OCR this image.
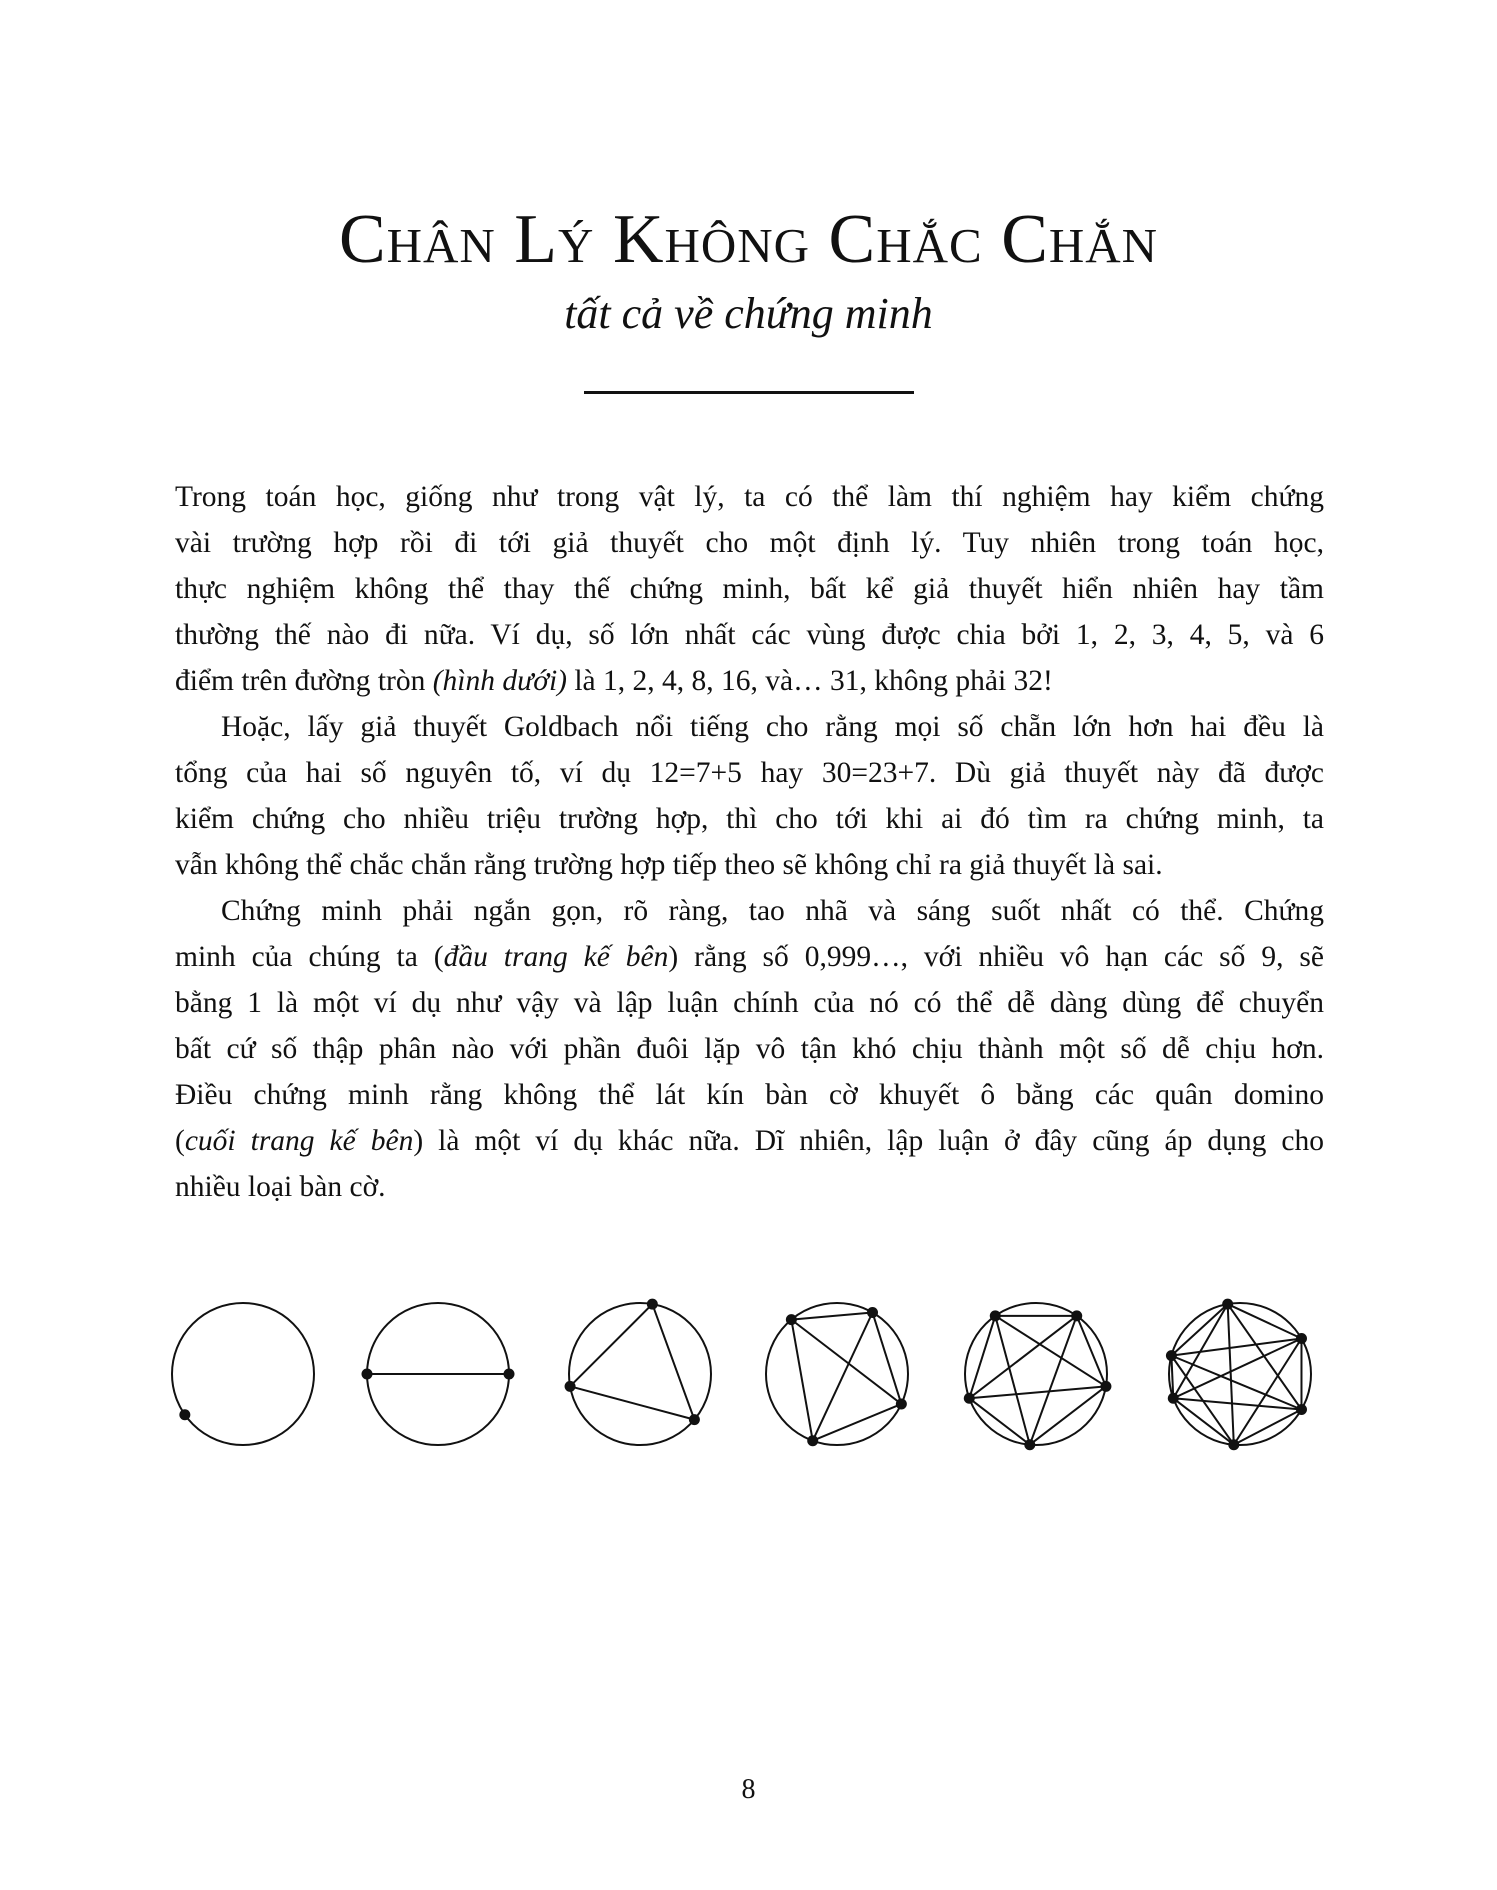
Chân Lý Không Chắc Chắn
tất cả về chứng minh
Trong toán học, giống như trong vật lý, ta có thể làm thí nghiệm hay kiểm chứng
vài trường hợp rồi đi tới giả thuyết cho một định lý. Tuy nhiên trong toán học,
thực nghiệm không thể thay thế chứng minh, bất kể giả thuyết hiển nhiên hay tầm
thường thế nào đi nữa. Ví dụ, số lớn nhất các vùng được chia bởi 1, 2, 3, 4, 5, và 6
điểm trên đường tròn (hình dưới) là 1, 2, 4, 8, 16, và… 31, không phải 32!
Hoặc, lấy giả thuyết Goldbach nổi tiếng cho rằng mọi số chẵn lớn hơn hai đều là
tổng của hai số nguyên tố, ví dụ 12=7+5 hay 30=23+7. Dù giả thuyết này đã được
kiểm chứng cho nhiều triệu trường hợp, thì cho tới khi ai đó tìm ra chứng minh, ta
vẫn không thể chắc chắn rằng trường hợp tiếp theo sẽ không chỉ ra giả thuyết là sai.
Chứng minh phải ngắn gọn, rõ ràng, tao nhã và sáng suốt nhất có thể. Chứng
minh của chúng ta (đầu trang kế bên) rằng số 0,999…, với nhiều vô hạn các số 9, sẽ
bằng 1 là một ví dụ như vậy và lập luận chính của nó có thể dễ dàng dùng để chuyển
bất cứ số thập phân nào với phần đuôi lặp vô tận khó chịu thành một số dễ chịu hơn.
Điều chứng minh rằng không thể lát kín bàn cờ khuyết ô bằng các quân domino
(cuối trang kế bên) là một ví dụ khác nữa. Dĩ nhiên, lập luận ở đây cũng áp dụng cho
nhiều loại bàn cờ.
8
